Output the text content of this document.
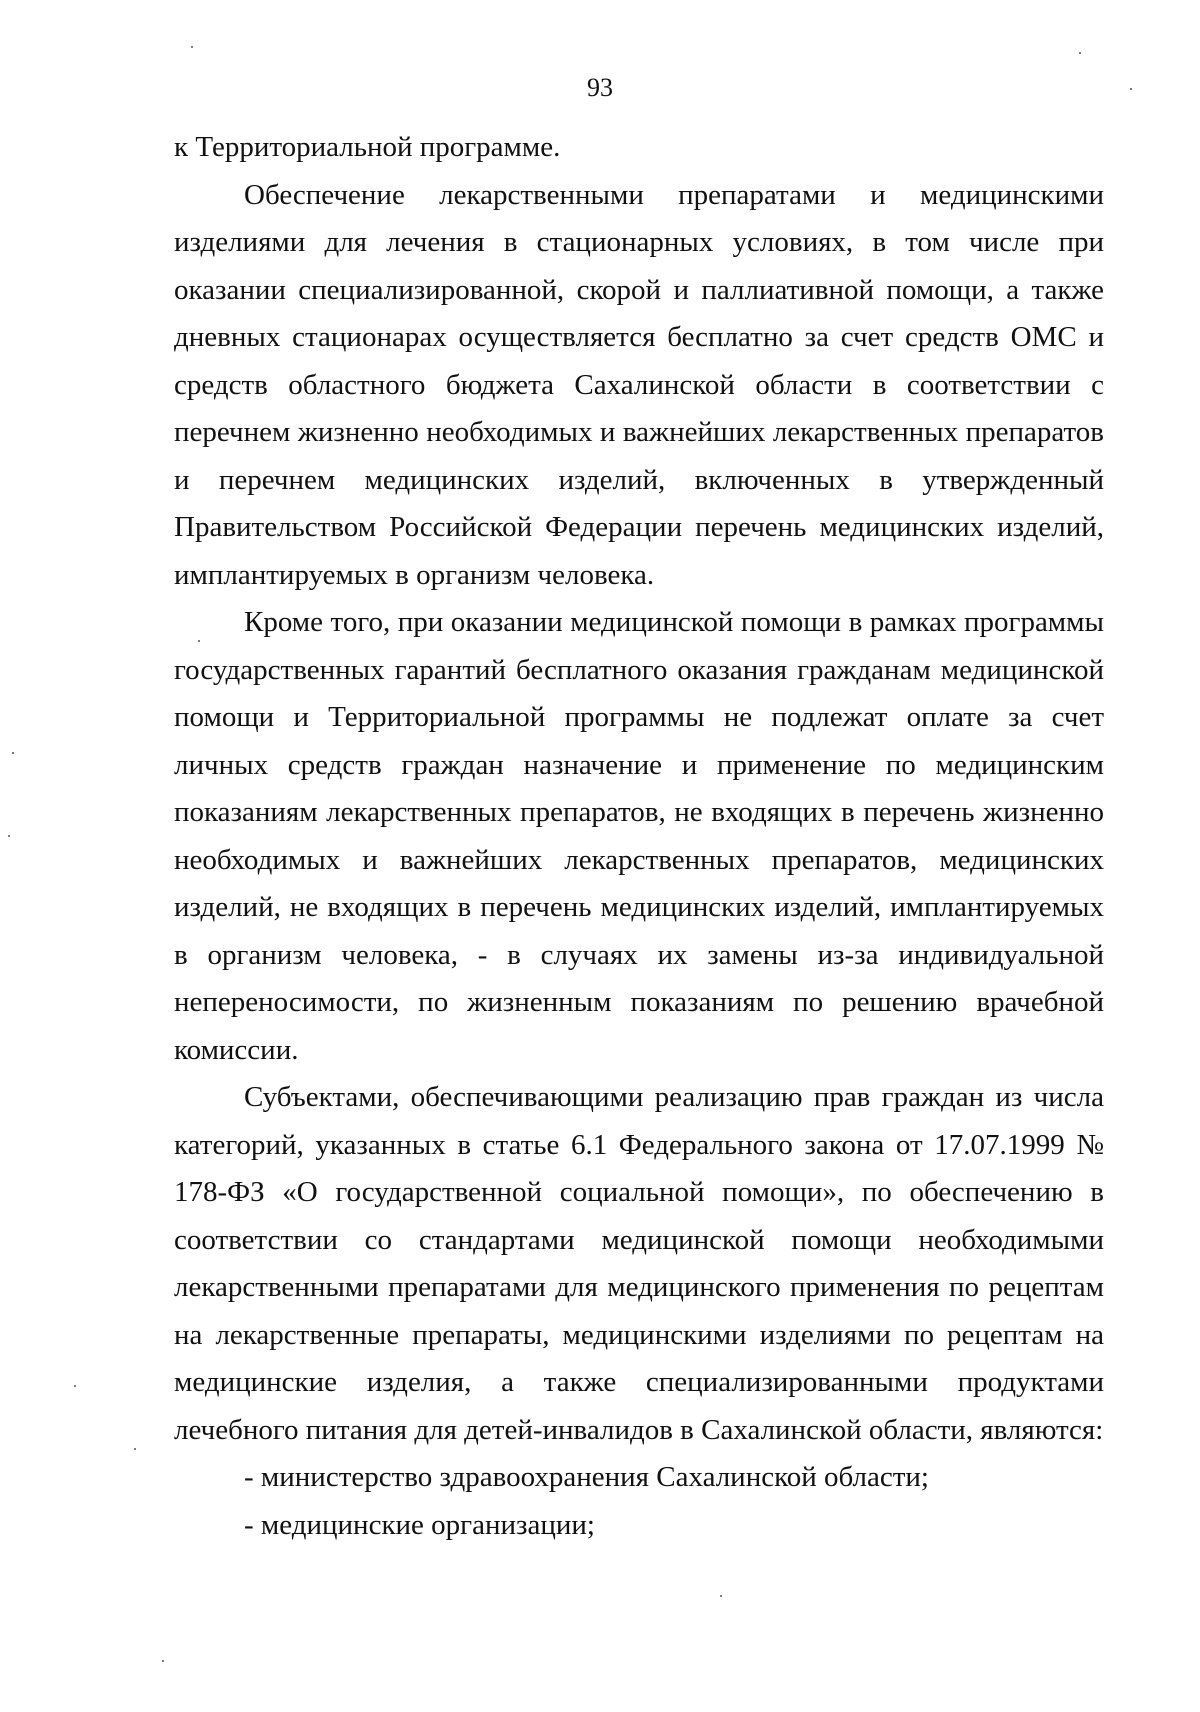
93

к Территориальной программе.

Обеспечение лекарственными препаратами и медицинскими изделиями для лечения в стационарных условиях, в том числе при оказании специализированной, скорой и паллиативной помощи, а также дневных стационарах осуществляется бесплатно за счет средств ОМС и средств областного бюджета Сахалинской области в соответствии с перечнем жизненно необходимых и важнейших лекарственных препаратов и перечнем медицинских изделий, включенных в утвержденный Правительством Российской Федерации перечень медицинских изделий, имплантируемых в организм человека.

Кроме того, при оказании медицинской помощи в рамках программы государственных гарантий бесплатного оказания гражданам медицинской помощи и Территориальной программы не подлежат оплате за счет личных средств граждан назначение и применение по медицинским показаниям лекарственных препаратов, не входящих в перечень жизненно необходимых и важнейших лекарственных препаратов, медицинских изделий, не входящих в перечень медицинских изделий, имплантируемых в организм человека, - в случаях их замены из-за индивидуальной непереносимости, по жизненным показаниям по решению врачебной комиссии.

Субъектами, обеспечивающими реализацию прав граждан из числа категорий, указанных в статье 6.1 Федерального закона от 17.07.1999 № 178-ФЗ «О государственной социальной помощи», по обеспечению в соответствии со стандартами медицинской помощи необходимыми лекарственными препаратами для медицинского применения по рецептам на лекарственные препараты, медицинскими изделиями по рецептам на медицинские изделия, а также специализированными продуктами лечебного питания для детей-инвалидов в Сахалинской области, являются:

- министерство здравоохранения Сахалинской области;

- медицинские организации;
